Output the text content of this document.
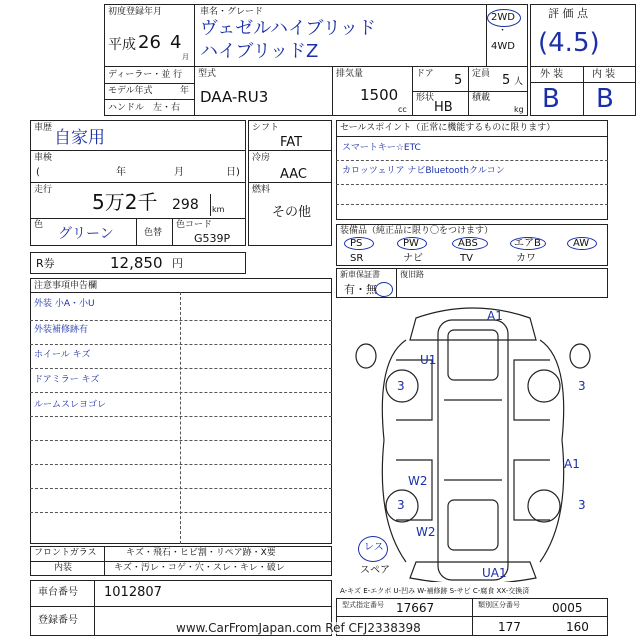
初度登録年月
平成 26 4
月
車名・グレード
ヴェゼルハイブリッド
ハイブリッドZ
2WD
・
4WD
評 価 点
(4.5)
ディーラー・並 行
モデル年式	年
ハンドル　左・右
型式
DAA-RU3
排気量
1500
cc
ドア 5
形状
HB
定員 5 人
積載
kg
外 装	内 装
B B
車歴 自家用
車検
(	年	月	日)
走行 5万2千 298 km
色
グリーン	色替
色コード
G539P
R券	12,850 円
シフト
FAT
冷房
AAC
燃料
その他
注意事項申告欄
外装 小A・小U
外装補修跡有
ホイール キズ
ドアミラー キズ
ルームスレヨゴレ
セールスポイント（正常に機能するものに限ります）
スマートキー☆ETC
カロッツェリア ナビBluetoothクルコン
装備品（純正品に限り〇をつけます）
PS	PW	ABS	エアB	AW
SR	ナビ	TV	カワ
新車保証書	復旧路
有・無
A1
U1
3	3
A1
W2
3	3
W2
UA1
レス
スペア
A-キズ E-エクボ U-凹み W-補修跡 S-サビ C-腐食 XX-交換済
フロントガラス	キズ・飛石・ヒビ割・リペア跡・X要
内装	キズ・汚レ・コゲ・穴・スレ・キレ・破レ
車台番号 1012807
登録番号
型式指定番号 17667	類別区分番号	0005
177	160
www.CarFromJapan.com Ref CFJ2338398
